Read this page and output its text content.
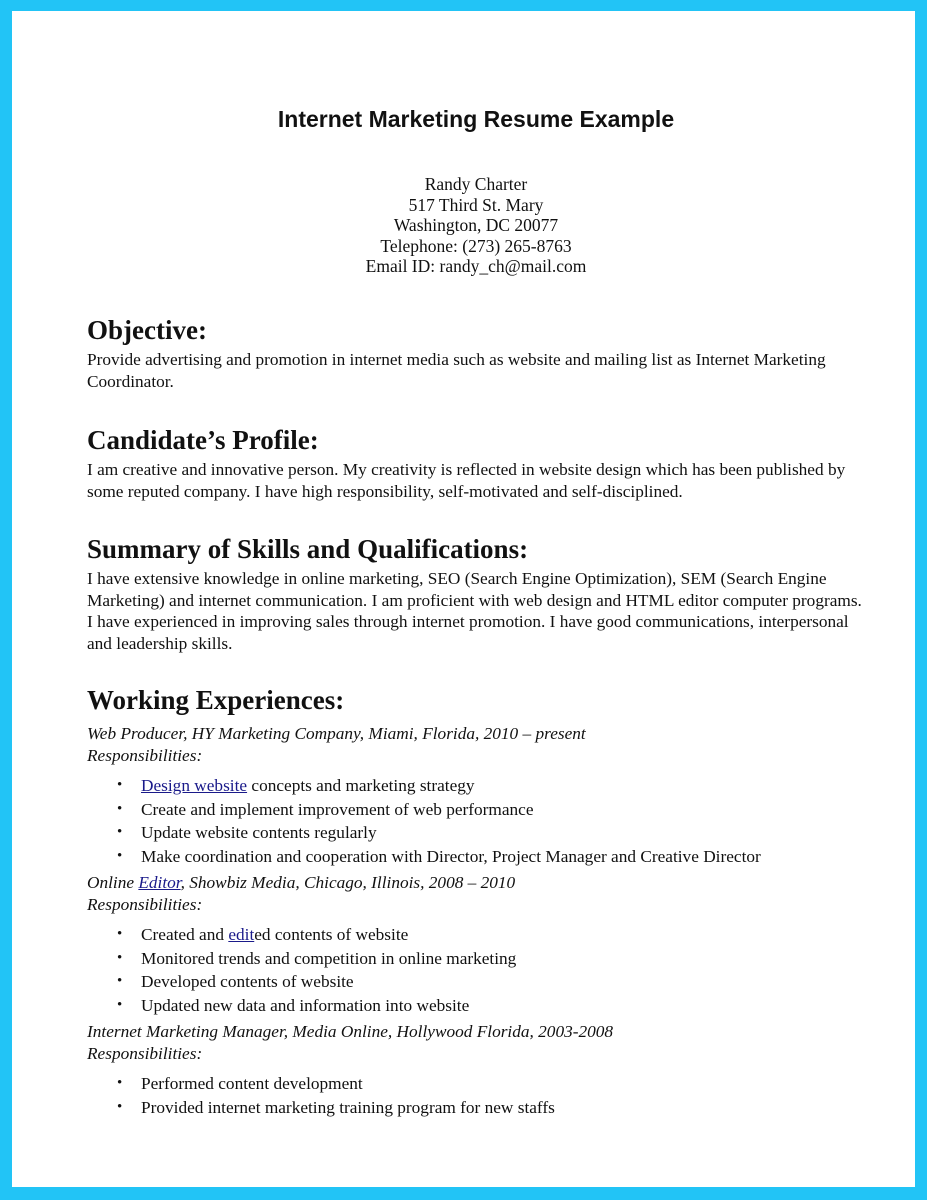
Internet Marketing Resume Example
Randy Charter
517 Third St. Mary
Washington, DC 20077
Telephone: (273) 265-8763
Email ID: randy_ch@mail.com
Objective:

Provide advertising and promotion in internet media such as website and mailing list as Internet Marketing Coordinator.

Candidate’s Profile:

I am creative and innovative person. My creativity is reflected in website design which has been published by some reputed company. I have high responsibility, self-motivated and self-disciplined.

Summary of Skills and Qualifications:

I have extensive knowledge in online marketing, SEO (Search Engine Optimization), SEM (Search Engine Marketing) and internet communication. I am proficient with web design and HTML editor computer programs. I have experienced in improving sales through internet promotion. I have good communications, interpersonal and leadership skills.

Working Experiences:

Web Producer, HY Marketing Company, Miami, Florida, 2010 – present

Responsibilities:

• Design website concepts and marketing strategy
• Create and implement improvement of web performance
• Update website contents regularly
• Make coordination and cooperation with Director, Project Manager and Creative Director

Online Editor, Showbiz Media, Chicago, Illinois, 2008 – 2010

Responsibilities:

• Created and edited contents of website
• Monitored trends and competition in online marketing
• Developed contents of website
• Updated new data and information into website

Internet Marketing Manager, Media Online, Hollywood Florida, 2003-2008

Responsibilities:

• Performed content development
• Provided internet marketing training program for new staffs
